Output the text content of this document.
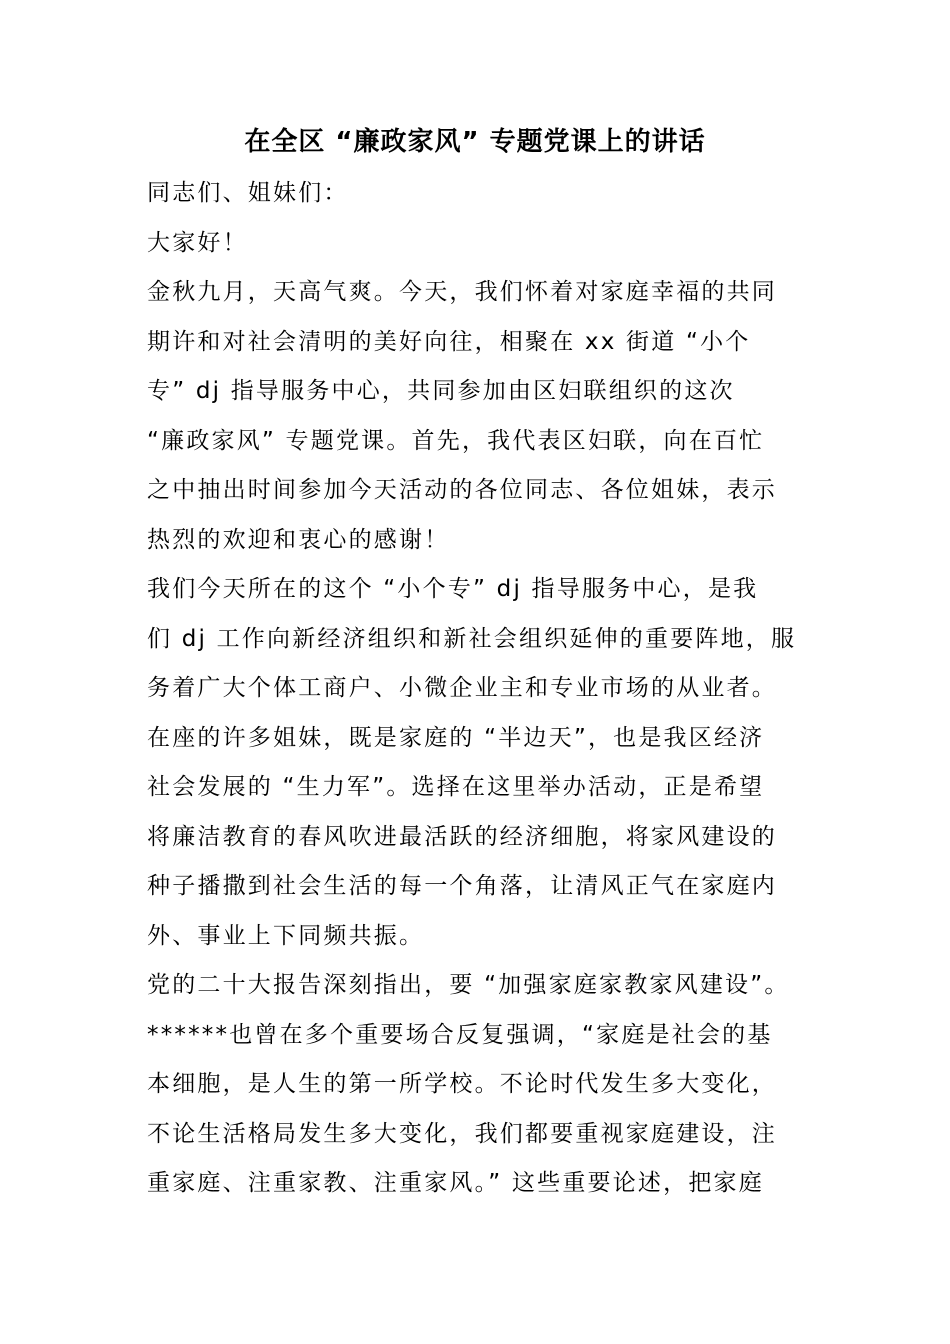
在全区 “廉政家风” 专题党课上的讲话
同志们、姐妹们：
大家好！
金秋九月，天高气爽。今天，我们怀着对家庭幸福的共同
期许和对社会清明的美好向往，相聚在 xx 街道 “小个
专” dj 指导服务中心，共同参加由区妇联组织的这次
“廉政家风” 专题党课。首先，我代表区妇联，向在百忙
之中抽出时间参加今天活动的各位同志、各位姐妹，表示
热烈的欢迎和衷心的感谢！
我们今天所在的这个 “小个专” dj 指导服务中心，是我
们 dj 工作向新经济组织和新社会组织延伸的重要阵地，服
务着广大个体工商户、小微企业主和专业市场的从业者。
在座的许多姐妹，既是家庭的 “半边天”，也是我区经济
社会发展的 “生力军”。选择在这里举办活动，正是希望
将廉洁教育的春风吹进最活跃的经济细胞，将家风建设的
种子播撒到社会生活的每一个角落，让清风正气在家庭内
外、事业上下同频共振。
党的二十大报告深刻指出，要 “加强家庭家教家风建设”。
******也曾在多个重要场合反复强调，“家庭是社会的基
本细胞，是人生的第一所学校。不论时代发生多大变化，
不论生活格局发生多大变化，我们都要重视家庭建设，注
重家庭、注重家教、注重家风。” 这些重要论述，把家庭
